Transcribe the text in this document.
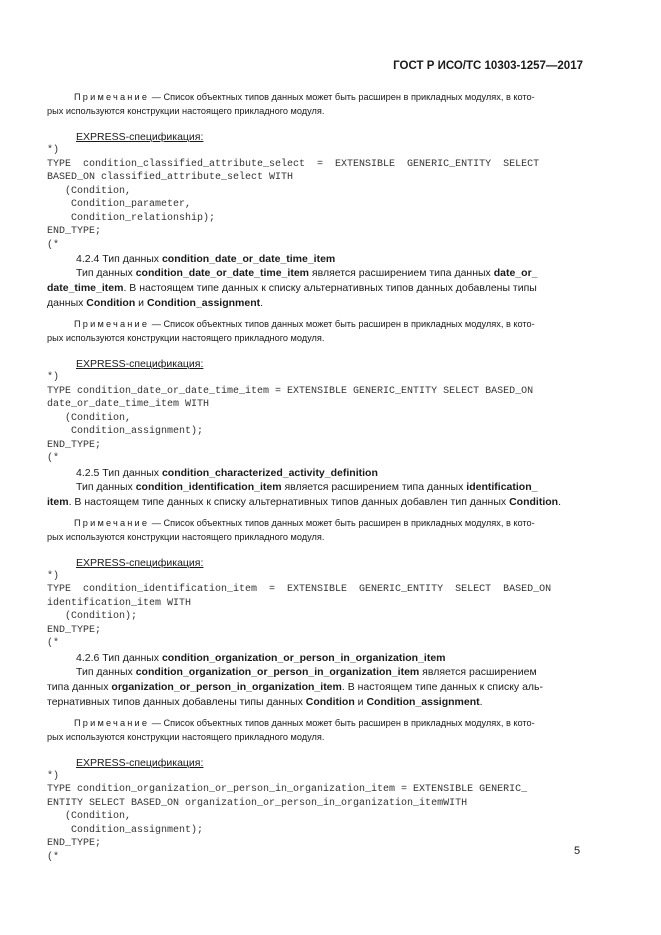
ГОСТ Р ИСО/ТС 10303-1257—2017

Примечание — Список объектных типов данных может быть расширен в прикладных модулях, в кото-
рых используются конструкции настоящего прикладного модуля.

EXPRESS-спецификация:
*)
TYPE  condition_classified_attribute_select  =  EXTENSIBLE  GENERIC_ENTITY  SELECT
BASED_ON classified_attribute_select WITH
(Condition,
Condition_parameter,
Condition_relationship);
END_TYPE;
(*

4.2.4 Тип данных condition_date_or_date_time_item

Тип данных condition_date_or_date_time_item является расширением типа данных date_or_
date_time_item. В настоящем типе данных к списку альтернативных типов данных добавлены типы
данных Condition и Condition_assignment.

Примечание — Список объектных типов данных может быть расширен в прикладных модулях, в кото-
рых используются конструкции настоящего прикладного модуля.

EXPRESS-спецификация:
*)
TYPE condition_date_or_date_time_item = EXTENSIBLE GENERIC_ENTITY SELECT BASED_ON
date_or_date_time_item WITH
(Condition,
Condition_assignment);
END_TYPE;
(*

4.2.5 Тип данных condition_characterized_activity_definition

Тип данных condition_identification_item является расширением типа данных identification_
item. В настоящем типе данных к списку альтернативных типов данных добавлен тип данных Condition.

Примечание — Список объектных типов данных может быть расширен в прикладных модулях, в кото-
рых используются конструкции настоящего прикладного модуля.

EXPRESS-спецификация:
*)
TYPE  condition_identification_item  =  EXTENSIBLE  GENERIC_ENTITY  SELECT  BASED_ON
identification_item WITH
(Condition);
END_TYPE;
(*

4.2.6 Тип данных condition_organization_or_person_in_organization_item

Тип данных condition_organization_or_person_in_organization_item является расширением
типа данных organization_or_person_in_organization_item. В настоящем типе данных к списку аль-
тернативных типов данных добавлены типы данных Condition и Condition_assignment.

Примечание — Список объектных типов данных может быть расширен в прикладных модулях, в кото-
рых используются конструкции настоящего прикладного модуля.

EXPRESS-спецификация:
*)
TYPE condition_organization_or_person_in_organization_item = EXTENSIBLE GENERIC_
ENTITY SELECT BASED_ON organization_or_person_in_organization_itemWITH
(Condition,
Condition_assignment);
END_TYPE;
(*	5
